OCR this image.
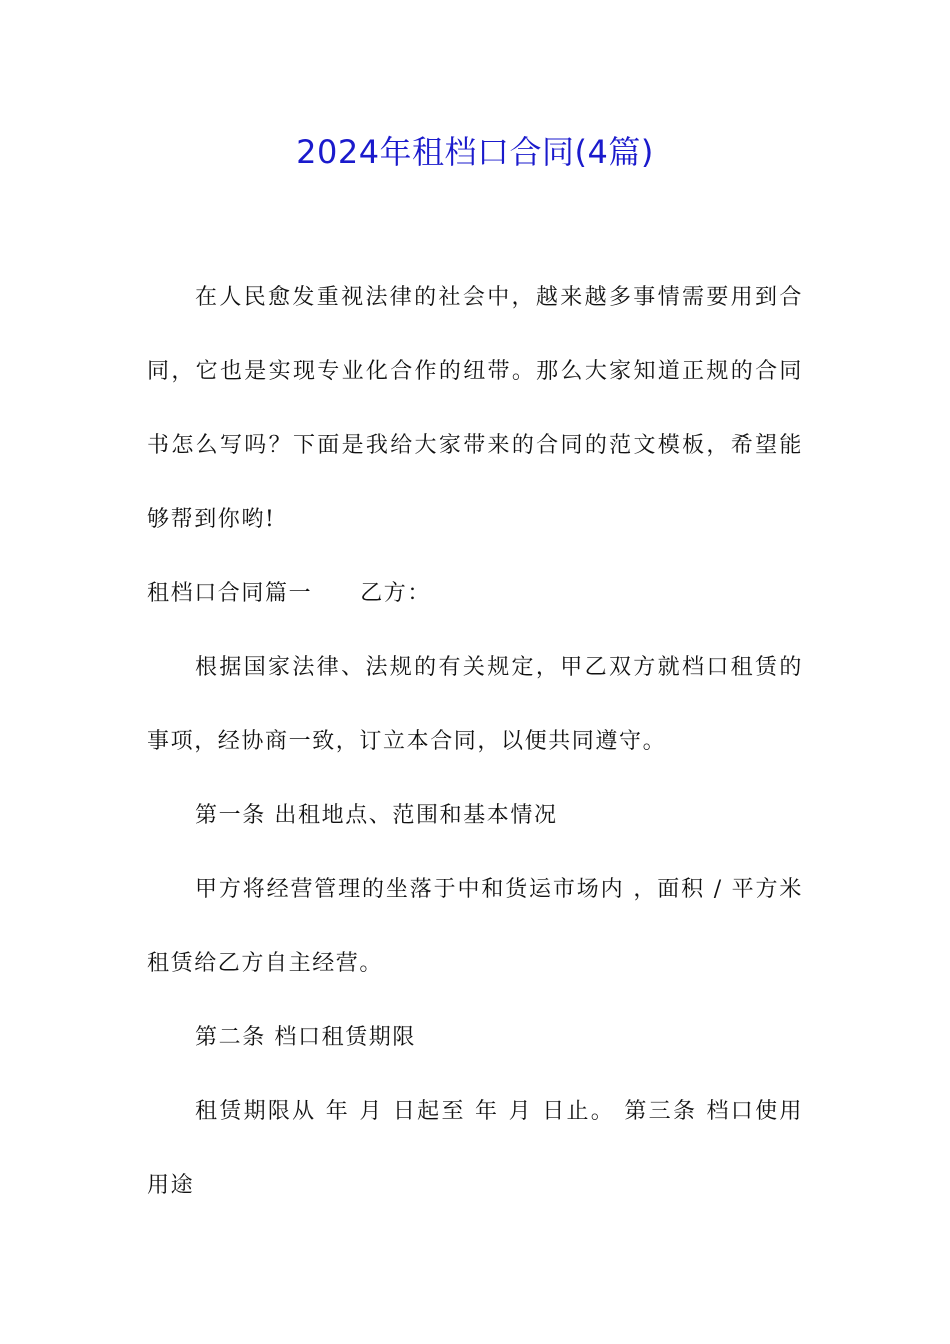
2024年租档口合同(4篇)

在人民愈发重视法律的社会中，越来越多事情需要用到合同，它也是实现专业化合作的纽带。那么大家知道正规的合同书怎么写吗？下面是我给大家带来的合同的范文模板，希望能够帮到你哟!

租档口合同篇一 乙方：

根据国家法律、法规的有关规定，甲乙双方就档口租赁的事项，经协商一致，订立本合同，以便共同遵守。

第一条 出租地点、范围和基本情况

甲方将经营管理的坐落于中和货运市场内 ，面积 / 平方米租赁给乙方自主经营。

第二条 档口租赁期限

租赁期限从 年 月 日起至 年 月 日止。 第三条 档口使用用途
